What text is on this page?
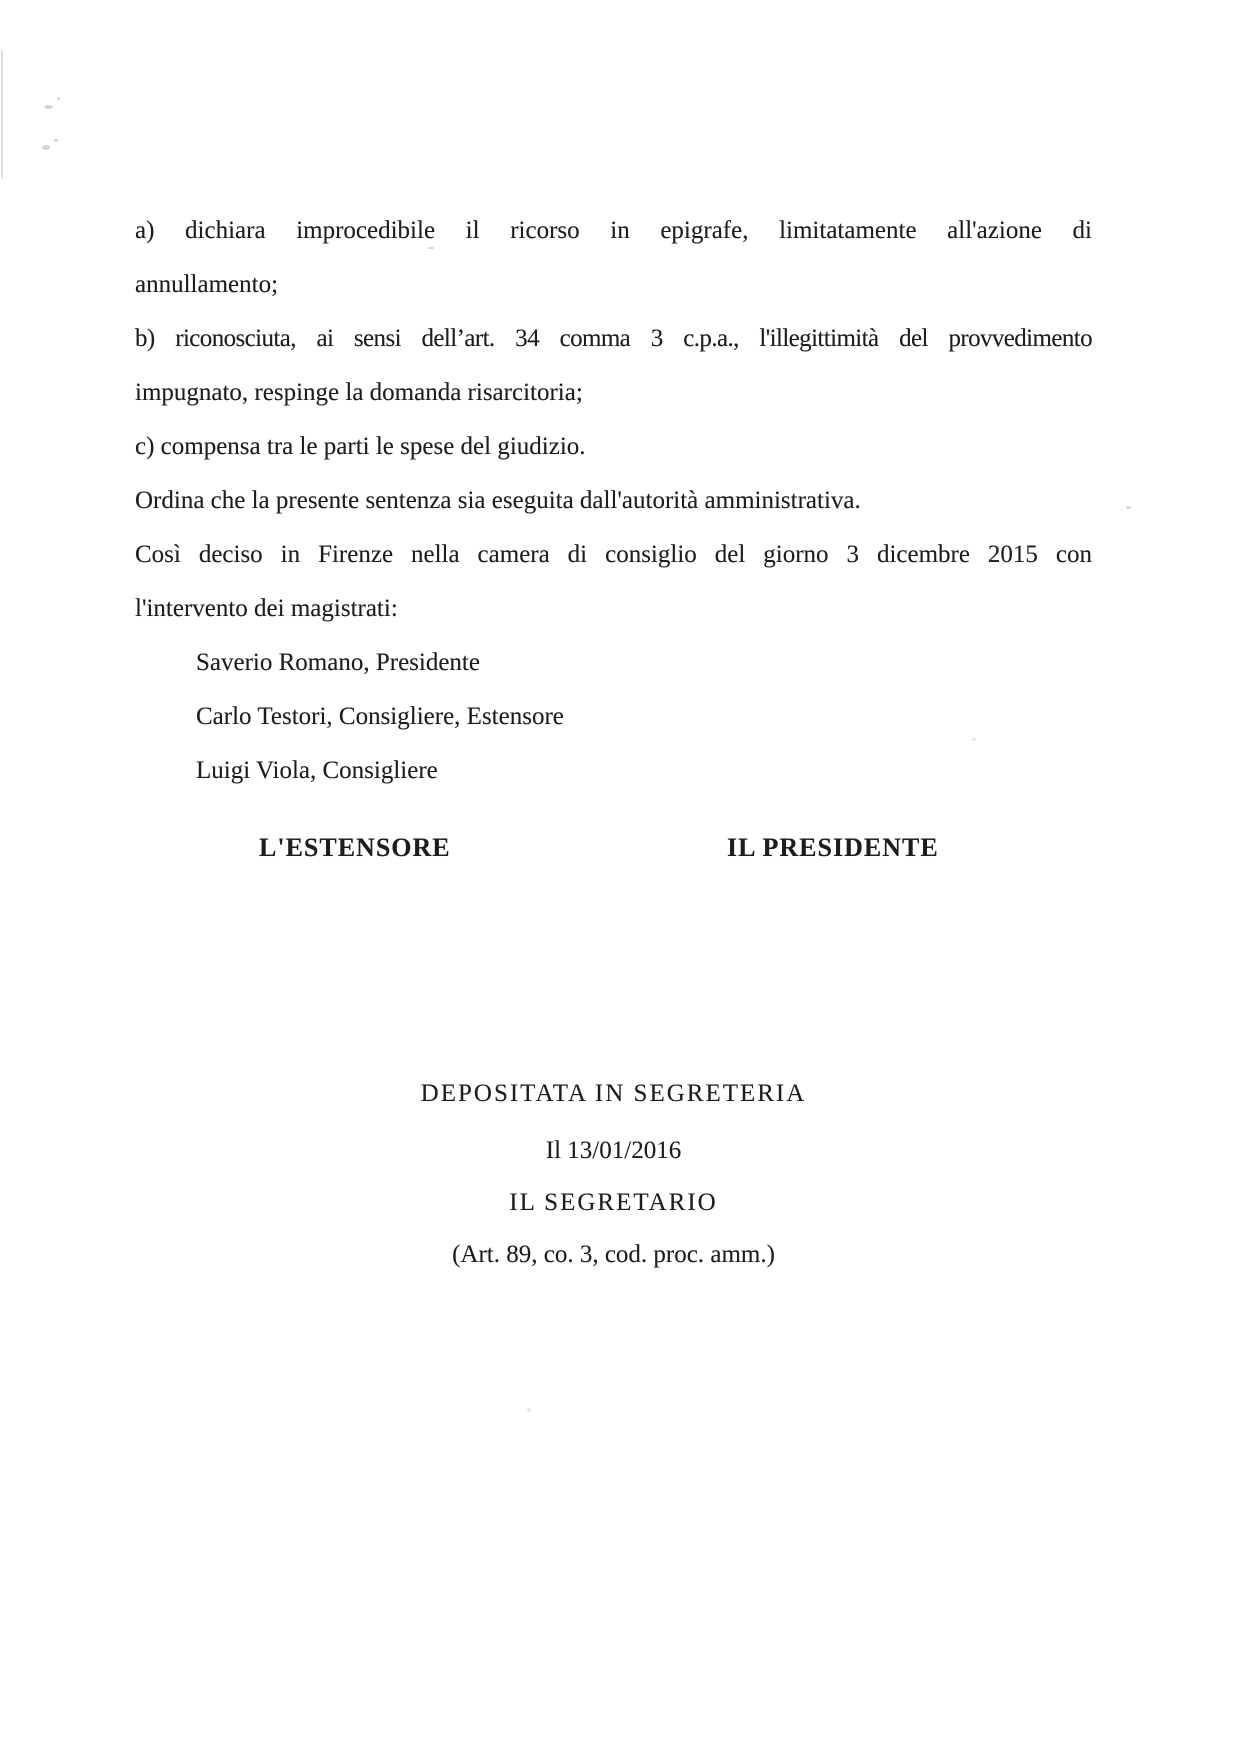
a) dichiara improcedibile il ricorso in epigrafe, limitatamente all'azione di
annullamento;
b) riconosciuta, ai sensi dell’art. 34 comma 3 c.p.a., l'illegittimità del provvedimento
impugnato, respinge la domanda risarcitoria;
c) compensa tra le parti le spese del giudizio.
Ordina che la presente sentenza sia eseguita dall'autorità amministrativa.
Così deciso in Firenze nella camera di consiglio del giorno 3 dicembre 2015 con
l'intervento dei magistrati:
Saverio Romano, Presidente
Carlo Testori, Consigliere, Estensore
Luigi Viola, Consigliere
L'ESTENSORE	IL PRESIDENTE
DEPOSITATA IN SEGRETERIA
Il 13/01/2016
IL SEGRETARIO
(Art. 89, co. 3, cod. proc. amm.)
